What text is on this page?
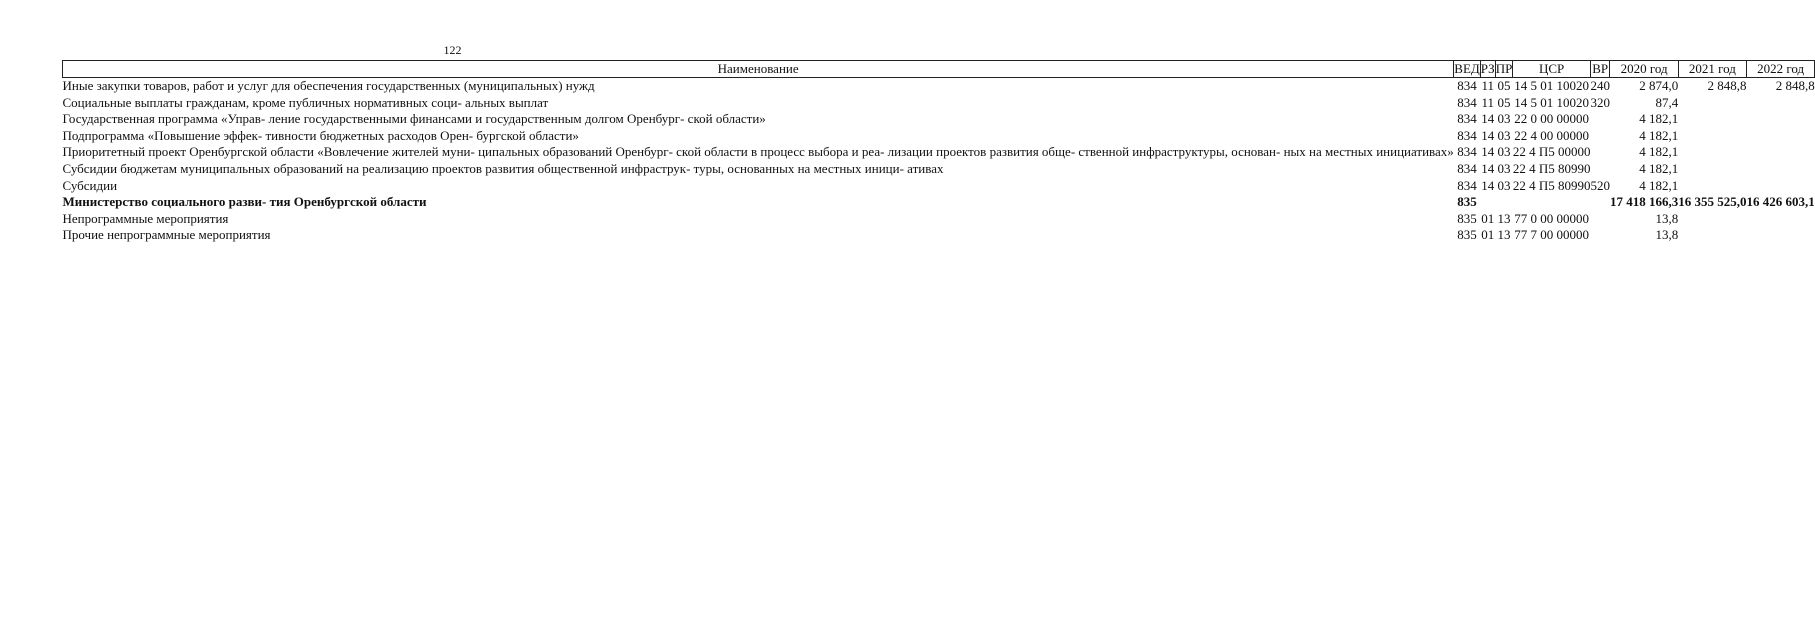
122
Наименование	ВЕД	РЗ	ПР	ЦСР	ВР	2020 год	2021 год	2022 год
Иные закупки товаров, работ и услуг для обеспечения государственных (муниципальных) нужд	834	11	05	14 5 01 10020	240	2 874,0	2 848,8	2 848,8
Социальные выплаты гражданам, кроме публичных нормативных соци- альных выплат	834	11	05	14 5 01 10020	320	87,4		
Государственная программа «Управ- ление государственными финансами и государственным долгом Оренбург- ской области»	834	14	03	22 0 00 00000		4 182,1		
Подпрограмма «Повышение эффек- тивности бюджетных расходов Орен- бургской области»	834	14	03	22 4 00 00000		4 182,1		
Приоритетный проект Оренбургской области «Вовлечение жителей муни- ципальных образований Оренбург- ской области в процесс выбора и реа- лизации проектов развития обще- ственной инфраструктуры, основан- ных на местных инициативах»	834	14	03	22 4 П5 00000		4 182,1		
Субсидии бюджетам муниципальных образований на реализацию проектов развития общественной инфраструк- туры, основанных на местных иници- ативах	834	14	03	22 4 П5 80990		4 182,1		
Субсидии	834	14	03	22 4 П5 80990	520	4 182,1		
Министерство социального разви- тия Оренбургской области	835					17 418 166,3	16 355 525,0	16 426 603,1
Непрограммные мероприятия	835	01	13	77 0 00 00000		13,8		
Прочие непрограммные мероприятия	835	01	13	77 7 00 00000		13,8		
